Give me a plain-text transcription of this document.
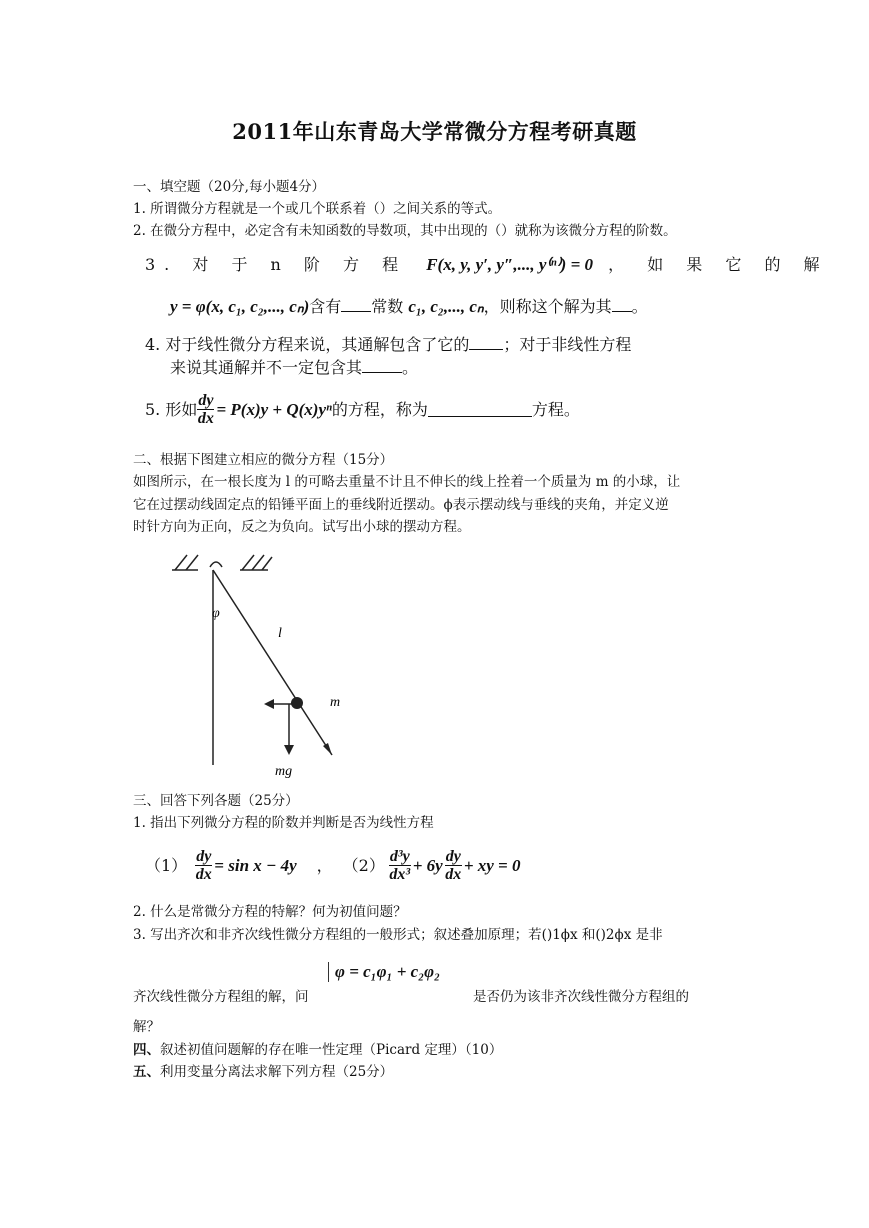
2011年山东青岛大学常微分方程考研真题
一、填空题（20分,每小题4分）
1. 所谓微分方程就是一个或几个联系着（）之间关系的等式。
2. 在微分方程中，必定含有未知函数的导数项，其中出现的（）就称为该微分方程的阶数。
3. 对 于 n 阶 方 程 F(x, y, y′, y″,..., y⁽ⁿ⁾) = 0 ， 如 果 它 的 解
y = φ(x, c₁, c₂,..., cₙ)含有 常数 c₁, c₂,..., cₙ，则称这个解为其 。
4. 对于线性微分方程来说，其通解包含了它的 ；对于非线性方程
来说其通解并不一定包含其	。
5. 形如 $\frac{dy}{dx} = P(x)y + Q(x)y^n$ 的方程，称为	方程。
二、根据下图建立相应的微分方程（15分）
如图所示，在一根长度为 l 的可略去重量不计且不伸长的线上拴着一个质量为 m 的小球，让
它在过摆动线固定点的铅锤平面上的垂线附近摆动。ϕ表示摆动线与垂线的夹角，并定义逆
时针方向为正向，反之为负向。试写出小球的摆动方程。
φ
l
m
mg
三、回答下列各题（25分）
1. 指出下列微分方程的阶数并判断是否为线性方程
$(1) \frac{dy}{dx} = \sin x - 4y$ ， $(2) \frac{\text{d³y}}{\text{dx³}} + 6y \frac{dy}{dx}$ + xy = 0
2. 什么是常微分方程的特解？何为初值问题？
3. 写出齐次和非齐次线性微分方程组的一般形式；叙述叠加原理；若()1ϕx 和()2ϕx 是非
φ = c₁φ₁ + c₂φ₂
齐次线性微分方程组的解，问	是否仍为该非齐次线性微分方程组的
解？
四、叙述初值问题解的存在唯一性定理（Picard 定理）（10）
五、利用变量分离法求解下列方程（25分）
